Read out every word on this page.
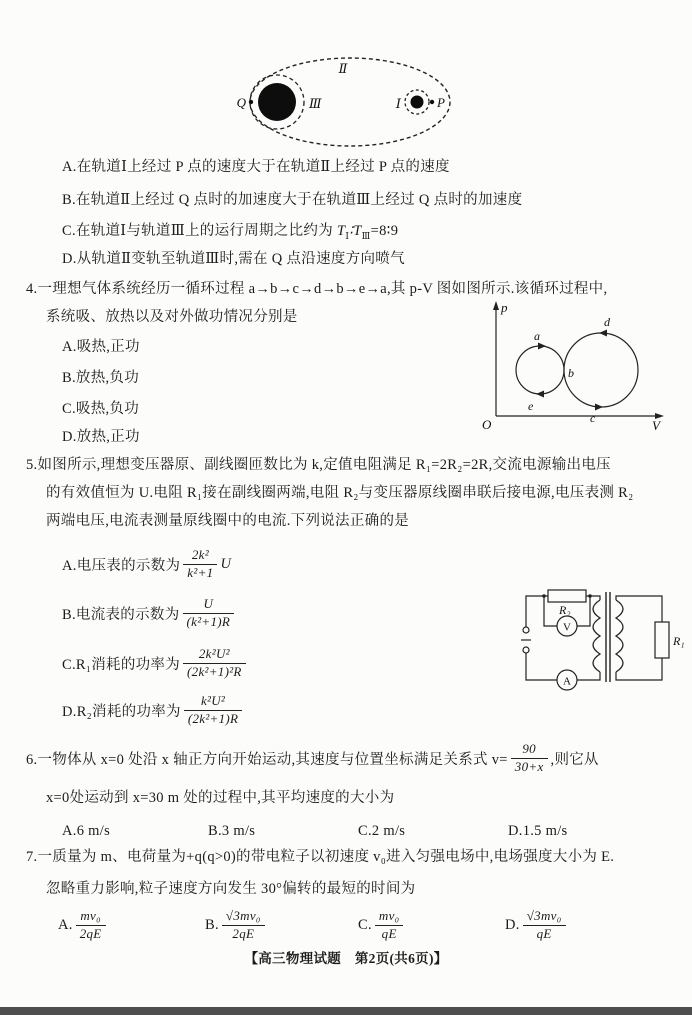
Ⅱ
Ⅲ	Ⅰ
Q	P
A.在轨道Ⅰ上经过 P 点的速度大于在轨道Ⅱ上经过 P 点的速度
B.在轨道Ⅱ上经过 Q 点时的加速度大于在轨道Ⅲ上经过 Q 点时的加速度
C.在轨道Ⅰ与轨道Ⅲ上的运行周期之比约为 $T_Ⅰ∶T_Ⅲ=8∶9$
D.从轨道Ⅱ变轨至轨道Ⅲ时,需在 Q 点沿速度方向喷气
4.一理想气体系统经历一循环过程 a→b→c→d→b→e→a,其 p-V 图如图所示.该循环过程中,
系统吸、放热以及对外做功情况分别是
A.吸热,正功
B.放热,负功
C.吸热,负功
D.放热,正功
p
V
O
a
b
c
d
e
5.如图所示,理想变压器原、副线圈匝数比为 k,定值电阻满足 R₁=2R₂=2R,交流电源输出电压
的有效值恒为 U.电阻 R₁接在副线圈两端,电阻 R₂与变压器原线圈串联后接电源,电压表测 R₂
两端电压,电流表测量原线圈中的电流.下列说法正确的是
A.电压表的示数为 $\frac{\text{2k²}}{\text{k²+1}}$ U
B.电流表的示数为 $\frac{U}{\text{(k²+1)R}}$
C.R₁消耗的功率为 $\frac{\text{2k²U²}}{\text{(2k²+1)²R}}$
D.R₂消耗的功率为 $\frac{\text{k²U²}}{\text{(2k²+1)R}}$
R₂
V
A
R₁
6.一物体从 x=0 处沿 x 轴正方向开始运动,其速度与位置坐标满足关系式 $v= \frac{90}{30+x}$ ,则它从
x=0处运动到 x=30 m 处的过程中,其平均速度的大小为
A.6 m/s	B.3 m/s	C.2 m/s	D.1.5 m/s
7.一质量为 m、电荷量为+q(q>0)的带电粒子以初速度 v₀进入匀强电场中,电场强度大小为 E.
忽略重力影响,粒子速度方向发生 30°偏转的最短的时间为
A. $\frac{\text{mv₀}}{2qE}$	B. $\frac{\text{√3mv₀}}{2qE}$	C. $\frac{\text{mv₀}}{qE}$	D. $\frac{\text{√3mv₀}}{qE}$
【高三物理试题　第2页(共6页)】
